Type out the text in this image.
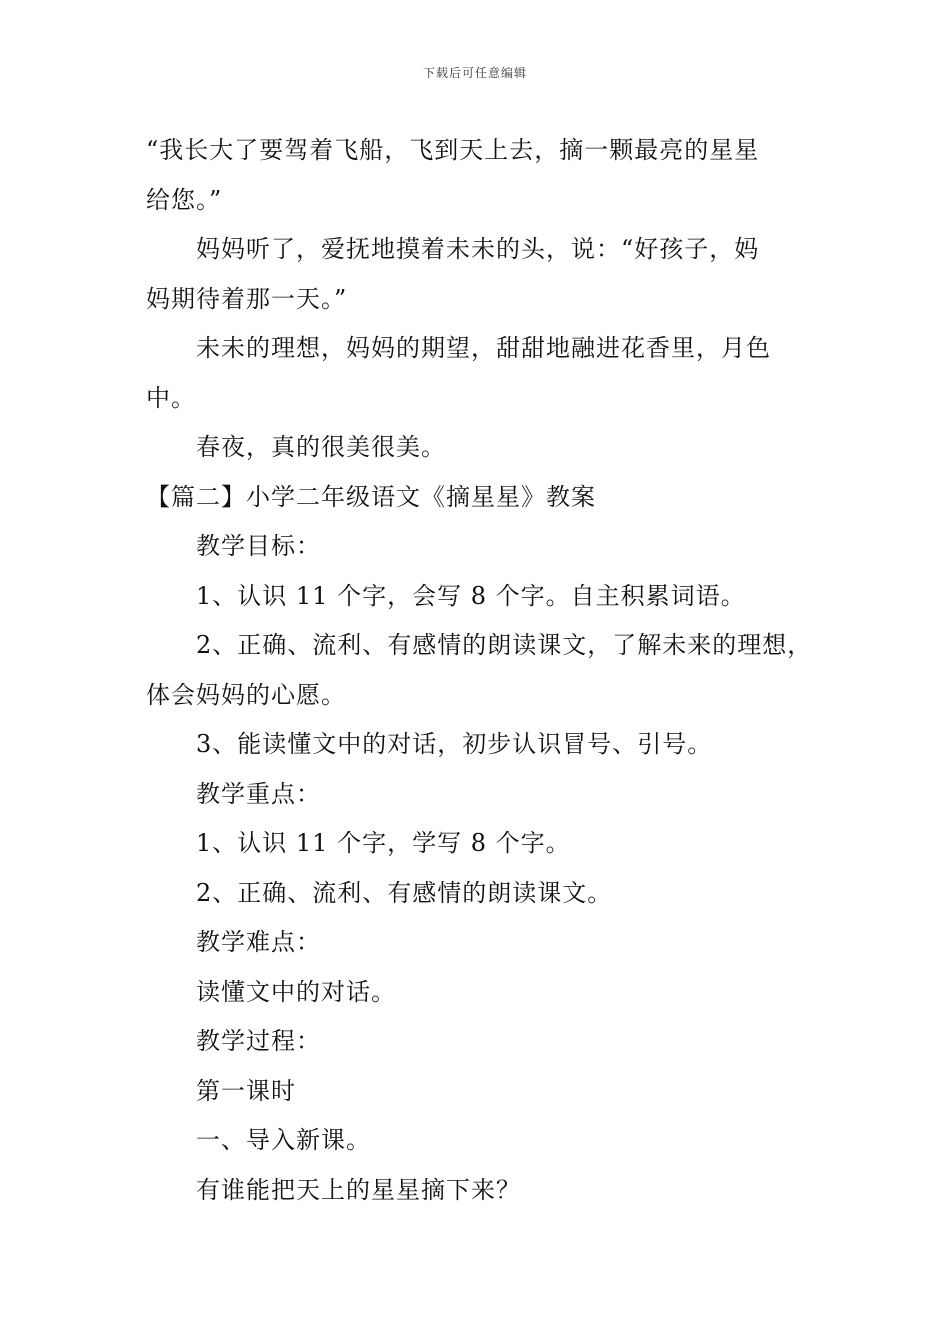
下载后可任意编辑
“我长大了要驾着飞船，飞到天上去，摘一颗最亮的星星
给您。”
妈妈听了，爱抚地摸着未未的头，说：“好孩子，妈
妈期待着那一天。”
未未的理想，妈妈的期望，甜甜地融进花香里，月色
中。
春夜，真的很美很美。
【篇二】小学二年级语文《摘星星》教案
教学目标：
1、认识 11 个字，会写 8 个字。自主积累词语。
2、正确、流利、有感情的朗读课文，了解未来的理想，
体会妈妈的心愿。
3、能读懂文中的对话，初步认识冒号、引号。
教学重点：
1、认识 11 个字，学写 8 个字。
2、正确、流利、有感情的朗读课文。
教学难点：
读懂文中的对话。
教学过程：
第一课时
一、导入新课。
有谁能把天上的星星摘下来？
